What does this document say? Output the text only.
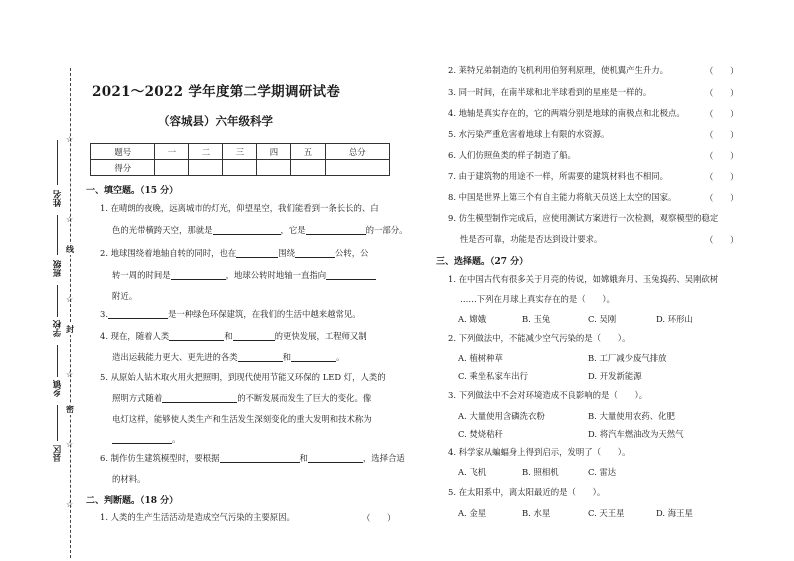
线
封
密
☆
☆
☆
☆
☆
☆
姓名
班级
学校
乡镇
县区
2021～2022 学年度第二学期调研试卷
（容城县）六年级科学
题号	一	二	三	四	五	总分
得分						
一、填空题。（15 分）
1. 在晴朗的夜晚，远离城市的灯光，仰望星空，我们能看到一条长长的、白
色的光带横跨天空，那就是	，它是	的一部分。
2. 地球围绕着地轴自转的同时，也在	围绕	公转，公
转一周的时间是	，地球公转时地轴一直指向
附近。
3.	是一种绿色环保建筑，在我们的生活中越来越常见。
4. 现在，随着人类	和	的更快发展，工程师又制
造出运载能力更大、更先进的各类	和	。
5. 从原始人钻木取火用火把照明，到现代使用节能又环保的 LED 灯，人类的
照明方式随着	的不断发展而发生了巨大的变化。像
电灯这样，能够使人类生产和生活发生深刻变化的重大发明和技术称为
。
6. 制作仿生建筑模型时，要根据	和	，选择合适
的材料。
二、判断题。（18 分）
1. 人类的生产生活活动是造成空气污染的主要原因。	（　　）
2. 莱特兄弟制造的飞机利用伯努利原理，使机翼产生升力。	（　　）
3. 同一时间，在南半球和北半球看到的星座是一样的。	（　　）
4. 地轴是真实存在的，它的两端分别是地球的南极点和北极点。 （　　）
5. 水污染严重危害着地球上有限的水资源。	（　　）
6. 人们仿照鱼类的样子制造了船。	（　　）
7. 由于建筑物的用途不一样，所需要的建筑材料也不相同。	（　　）
8. 中国是世界上第三个有自主能力将航天员送上太空的国家。	（　　）
9. 仿生模型制作完成后，应使用测试方案进行一次检测，观察模型的稳定
性是否可靠，功能是否达到设计要求。	（　　）
三、选择题。（27 分）
1. 在中国古代有很多关于月亮的传说，如嫦娥奔月、玉兔捣药、吴刚砍树
……下列在月球上真实存在的是（　　）。
A. 嫦娥	B. 玉兔	C. 吴刚	D. 环形山
2. 下列做法中，不能减少空气污染的是（　　）。
A. 植树种草	B. 工厂减少废气排放
C. 乘坐私家车出行	D. 开发新能源
3. 下列做法中不会对环境造成不良影响的是（　　）。
A. 大量使用含磷洗衣粉	B. 大量使用农药、化肥
C. 焚烧秸秆	D. 将汽车燃油改为天然气
4. 科学家从蝙蝠身上得到启示，发明了（　　）。
A. 飞机	B. 照相机	C. 雷达
5. 在太阳系中，离太阳最近的是（　　）。
A. 金星	B. 水星	C. 天王星	D. 海王星
